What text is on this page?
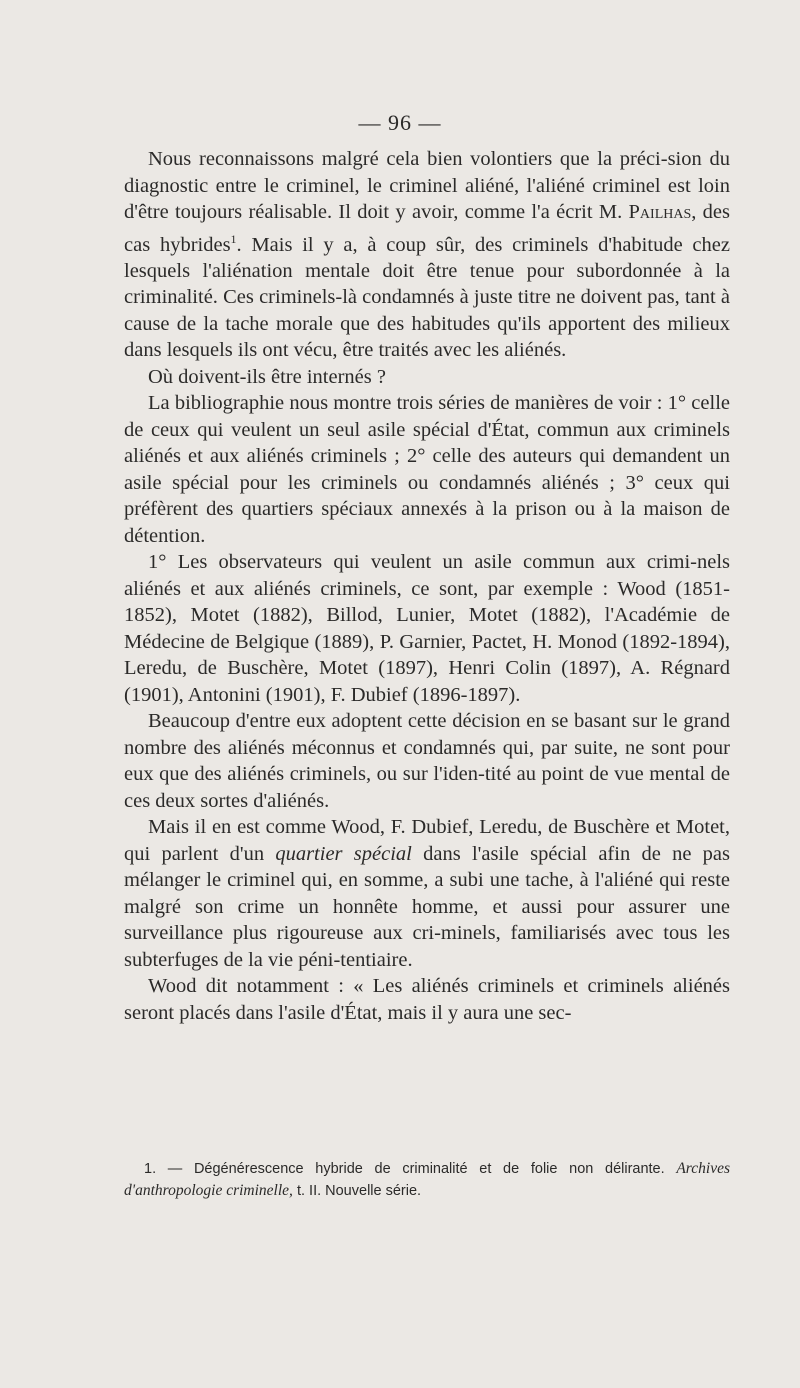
— 96 —

Nous reconnaissons malgré cela bien volontiers que la préci-sion du diagnostic entre le criminel, le criminel aliéné, l'aliéné criminel est loin d'être toujours réalisable. Il doit y avoir, comme l'a écrit M. Pailhas, des cas hybrides$^1$. Mais il y a, à coup sûr, des criminels d'habitude chez lesquels l'aliénation mentale doit être tenue pour subordonnée à la criminalité. Ces criminels-là condamnés à juste titre ne doivent pas, tant à cause de la tache morale que des habitudes qu'ils apportent des milieux dans lesquels ils ont vécu, être traités avec les aliénés.

Où doivent-ils être internés ?

La bibliographie nous montre trois séries de manières de voir : 1° celle de ceux qui veulent un seul asile spécial d'État, commun aux criminels aliénés et aux aliénés criminels ; 2° celle des auteurs qui demandent un asile spécial pour les criminels ou condamnés aliénés ; 3° ceux qui préfèrent des quartiers spéciaux annexés à la prison ou à la maison de détention.

1° Les observateurs qui veulent un asile commun aux crimi-nels aliénés et aux aliénés criminels, ce sont, par exemple : Wood (1851-1852), Motet (1882), Billod, Lunier, Motet (1882), l'Académie de Médecine de Belgique (1889), P. Garnier, Pactet, H. Monod (1892-1894), Leredu, de Buschère, Motet (1897), Henri Colin (1897), A. Régnard (1901), Antonini (1901), F. Dubief (1896-1897).

Beaucoup d'entre eux adoptent cette décision en se basant sur le grand nombre des aliénés méconnus et condamnés qui, par suite, ne sont pour eux que des aliénés criminels, ou sur l'iden-tité au point de vue mental de ces deux sortes d'aliénés.

Mais il en est comme Wood, F. Dubief, Leredu, de Buschère et Motet, qui parlent d'un quartier spécial dans l'asile spécial afin de ne pas mélanger le criminel qui, en somme, a subi une tache, à l'aliéné qui reste malgré son crime un honnête homme, et aussi pour assurer une surveillance plus rigoureuse aux cri-minels, familiarisés avec tous les subterfuges de la vie péni-tentiaire.

Wood dit notamment : « Les aliénés criminels et criminels aliénés seront placés dans l'asile d'État, mais il y aura une sec-

1. — Dégénérescence hybride de criminalité et de folie non délirante. Archives d'anthropologie criminelle, t. II. Nouvelle série.
